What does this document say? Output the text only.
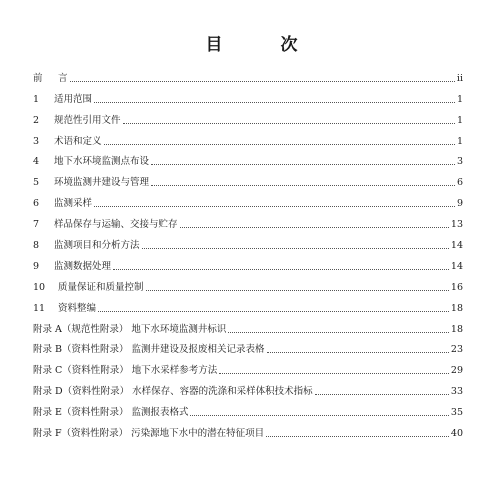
目 次
前	言	ii
1	适用范围	1
2	规范性引用文件	1
3	术语和定义	1
4	地下水环境监测点布设	3
5	环境监测井建设与管理	6
6	监测采样	9
7	样品保存与运输、交接与贮存	13
8	监测项目和分析方法	14
9	监测数据处理	14
10	质量保证和质量控制	16
11	资料整编	18
附录 A（规范性附录） 地下水环境监测井标识	18
附录 B（资料性附录） 监测井建设及报废相关记录表格	23
附录 C（资料性附录） 地下水采样参考方法	29
附录 D（资料性附录） 水样保存、容器的洗涤和采样体积技术指标	33
附录 E（资料性附录） 监测报表格式	35
附录 F（资料性附录） 污染源地下水中的潜在特征项目	40
